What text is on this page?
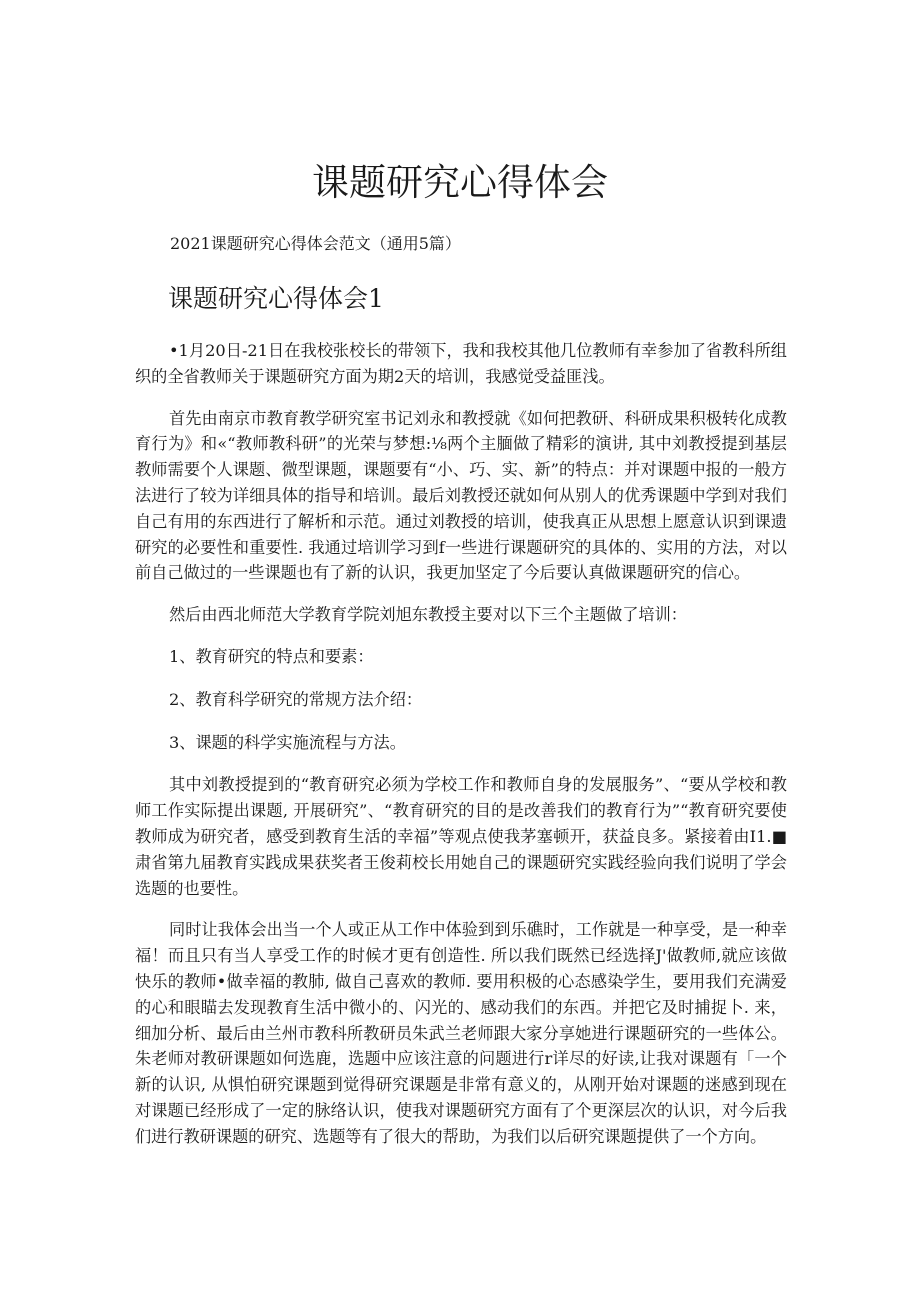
课题研究心得体会

2021课题研究心得体会范文（通用5篇）

课题研究心得体会1

•1月20日-21日在我校张校长的带领下，我和我校其他几位教师有幸参加了省教科所组织的全省教师关于课题研究方面为期2天的培训，我感觉受益匪浅。

首先由南京市教育教学研究室书记刘永和教授就《如何把教研、科研成果积极转化成教育行为》和«“教师教科研”的光荣与梦想:⅛两个主腼做了精彩的演讲, 其中刘教授提到基层教师需要个人课题、微型课题，课题要有“小、巧、实、新”的特点：并对课题中报的一般方法进行了较为详细具体的指导和培训。最后刘教授还就如何从别人的优秀课题中学到对我们自己有用的东西进行了解析和示范。通过刘教授的培训，使我真正从思想上愿意认识到课遗研究的必要性和重要性. 我通过培训学习到f一些进行课题研究的具体的、实用的方法，对以前自己做过的一些课题也有了新的认识，我更加坚定了今后要认真做课题研究的信心。

然后由西北师范大学教育学院刘旭东教授主要对以下三个主题做了培训：

1、教育研究的特点和要素：

2、教育科学研究的常规方法介绍：

3、课题的科学实施流程与方法。

其中刘教授提到的“教育研究必须为学校工作和教师自身的发展服务”、“要从学校和教师工作实际提出课题, 开展研究”、“教育研究的目的是改善我们的教育行为”“教育研究要使教师成为研究者，感受到教育生活的幸福”等观点使我茅塞顿开，获益良多。紧接着由I1.■肃省第九届教育实践成果获奖者王俊莉校长用她自己的课题研究实践经验向我们说明了学会选题的也要性。

同时让我体会出当一个人或正从工作中体验到到乐礁时，工作就是一种享受，是一种幸福！而且只有当人享受工作的时候才更有创造性. 所以我们既然已经选择J'做教师,就应该做快乐的教师•做幸福的教肺, 做自己喜欢的教师. 要用积极的心态感染学生，要用我们充满爱的心和眼瞄去发现教育生活中微小的、闪光的、感动我们的东西。并把它及时捕捉卜. 来，细加分析、最后由兰州市教科所教研员朱武兰老师跟大家分享她进行课题研究的一些体公。朱老师对教研课题如何选鹿，选题中应该注意的问题进行r详尽的好读,让我对课题有「一个新的认识, 从惧怕研究课题到觉得研究课题是非常有意义的，从刚开始对课题的迷感到现在对课题已经形成了一定的脉络认识，使我对课题研究方面有了个更深层次的认识，对今后我们进行教研课题的研究、选题等有了很大的帮助，为我们以后研究课题提供了一个方向。
